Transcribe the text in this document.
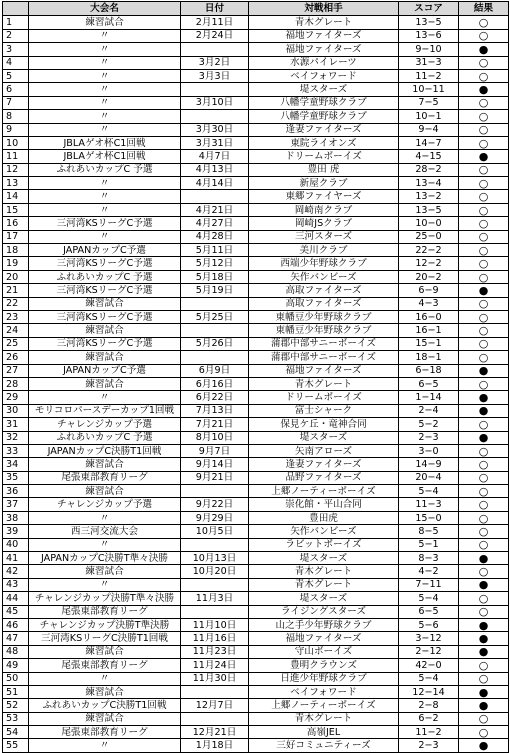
	大会名	日付	対戦相手	スコア	結果
1	練習試合	2月11日	青木グレート	13−5	○
2	〃	2月24日	福地ファイターズ	13−6	○
3	〃		福地ファイターズ	9−10	●
4	〃	3月2日	水源パイレーツ	31−3	○
5	〃	3月3日	ベイフォワード	11−2	○
6	〃		堤スターズ	10−11	●
7	〃	3月10日	八幡学童野球クラブ	7−5	○
8	〃		八幡学童野球クラブ	10−1	○
9	〃	3月30日	逢妻ファイターズ	9−4	○
10	JBLAゲオ杯C1回戦	3月31日	東院ライオンズ	14−7	○
11	JBLAゲオ杯C1回戦	4月7日	ドリームボーイズ	4−15	●
12	ふれあいカップC 予選	4月13日	豊田 虎	28−2	○
13	〃	4月14日	新屋クラブ	13−4	○
14	〃		東郷ファイヤーズ	13−2	○
15	〃	4月21日	岡崎南クラブ	13−5	○
16	三河湾KSリーグC予選	4月27日	岡崎JSクラブ	10−0	○
17	〃	4月28日	三河スターズ	25−0	○
18	JAPANカップC予選	5月11日	美川クラブ	22−2	○
19	三河湾KSリーグC予選	5月12日	西端少年野球クラブ	12−2	○
20	ふれあいカップC 予選	5月18日	矢作バンビーズ	20−2	○
21	三河湾KSリーグC予選	5月19日	高取ファイターズ	6−9	●
22	練習試合		高取ファイターズ	4−3	○
23	三河湾KSリーグC予選	5月25日	東幡豆少年野球クラブ	16−0	○
24	練習試合		東幡豆少年野球クラブ	16−1	○
25	三河湾KSリーグC予選	5月26日	蒲郡中部サニーボーイズ	15−1	○
26	練習試合		蒲郡中部サニーボーイズ	18−1	○
27	JAPANカップC予選	6月9日	福地ファイターズ	6−18	●
28	練習試合	6月16日	青木グレート	6−5	○
29	〃	6月22日	ドリームボーイズ	1−14	●
30	モリコロパースデーカップ1回戦	7月13日	富士シャーク	2−4	●
31	チャレンジカップ予選	7月21日	保見ケ丘・竜神合同	5−2	○
32	ふれあいカップC 予選	8月10日	堤スターズ	2−3	●
33	JAPANカップC決勝T1回戦	9月7日	矢南アローズ	3−0	○
34	練習試合	9月14日	逢妻ファイターズ	14−9	○
35	尾張東部教育リーグ	9月21日	品野ファイターズ	20−4	○
36	練習試合		上郷ノーティーボーイズ	5−4	○
37	チャレンジカップ予選	9月22日	崇化館・平山合同	11−3	○
38	〃	9月29日	豊田虎	15−0	○
39	西三河交流大会	10月5日	矢作バンビーズ	8−5	○
40	〃		ラビットボーイズ	5−1	○
41	JAPANカップC決勝T準々決勝	10月13日	堤スターズ	8−3	●
42	練習試合	10月20日	青木グレート	4−2	○
43	〃		青木グレート	7−11	●
44	チャレンジカップ決勝T準々決勝	11月3日	堤スターズ	5−4	○
45	尾張東部教育リーグ		ライジングスターズ	6−5	○
46	チャレンジカップ決勝T準決勝	11月10日	山之手少年野球クラブ	5−6	●
47	三河湾KSリーグC決勝T1回戦	11月16日	福地ファイターズ	3−12	●
48	練習試合	11月23日	守山ボーイズ	2−12	●
49	尾張東部教育リーグ	11月24日	豊明クラウンズ	42−0	○
50	〃	11月30日	日進少年野球クラブ	5−4	○
51	練習試合		ベイフォワード	12−14	●
52	ふれあいカップC決勝T1回戦	12月7日	上郷ノーティーボーイズ	2−8	●
53	練習試合		青木グレート	6−2	○
54	尾張東部教育リーグ	12月21日	高嶺JEL	11−2	○
55	〃	1月18日	三好コミュニティーズ	2−3	●
